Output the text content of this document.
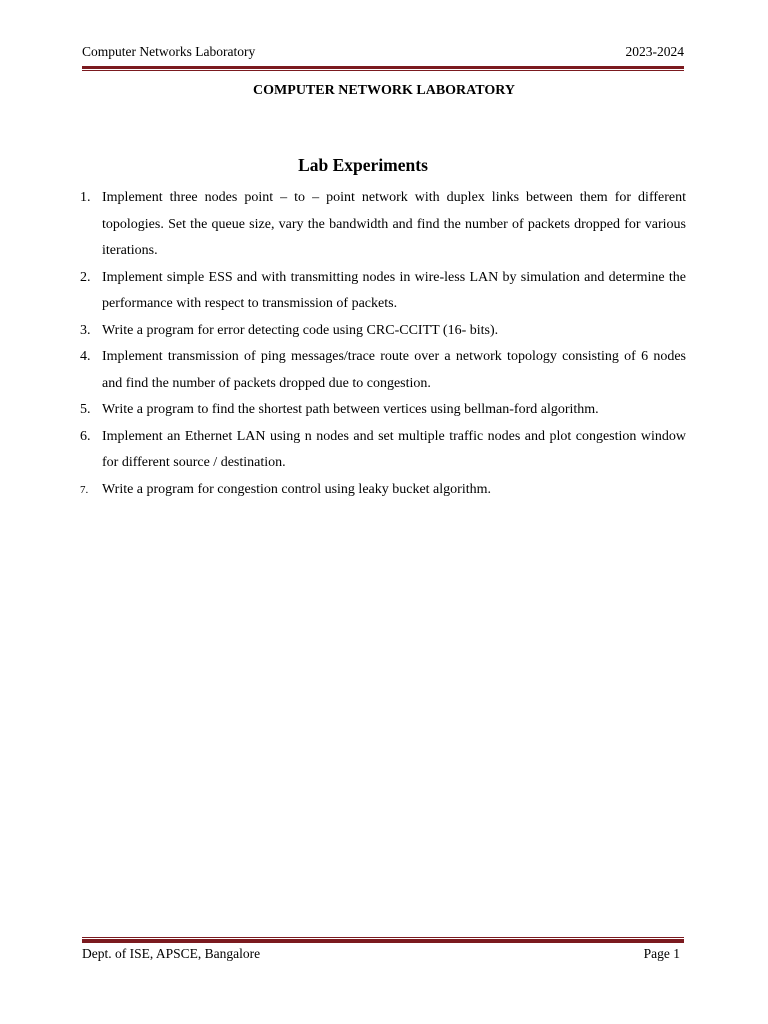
Computer Networks Laboratory	2023-2024
COMPUTER NETWORK LABORATORY
Lab Experiments
1. Implement three nodes point – to – point network with duplex links between them for different topologies. Set the queue size, vary the bandwidth and find the number of packets dropped for various iterations.
2. Implement simple ESS and with transmitting nodes in wire-less LAN by simulation and determine the performance with respect to transmission of packets.
3. Write a program for error detecting code using CRC-CCITT (16- bits).
4. Implement transmission of ping messages/trace route over a network topology consisting of 6 nodes and find the number of packets dropped due to congestion.
5. Write a program to find the shortest path between vertices using bellman-ford algorithm.
6. Implement an Ethernet LAN using n nodes and set multiple traffic nodes and plot congestion window for different source / destination.
7. Write a program for congestion control using leaky bucket algorithm.
Dept. of ISE, APSCE, Bangalore	Page 1
